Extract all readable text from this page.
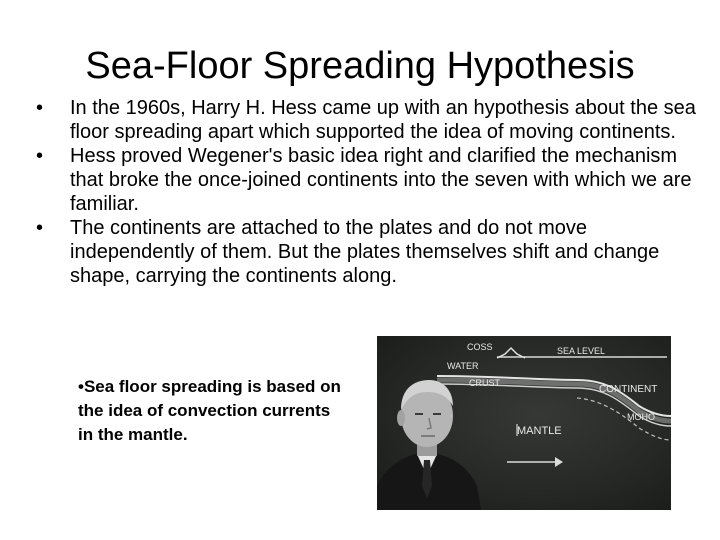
Sea-Floor Spreading Hypothesis
•	In the 1960s, Harry H. Hess came up with an hypothesis about the sea floor spreading apart which supported the idea of moving continents.
•	Hess proved Wegener's basic idea right and clarified the mechanism that broke the once-joined continents into the seven with which we are familiar.
•	The continents are attached to the plates and do not move independently of them. But the plates themselves shift and change shape, carrying the continents along.

•Sea floor spreading is based on the idea of convection currents in the mantle.

COSS	SEA LEVEL
WATER
CRUST
CONTINENT
MOHO
MANTLE
